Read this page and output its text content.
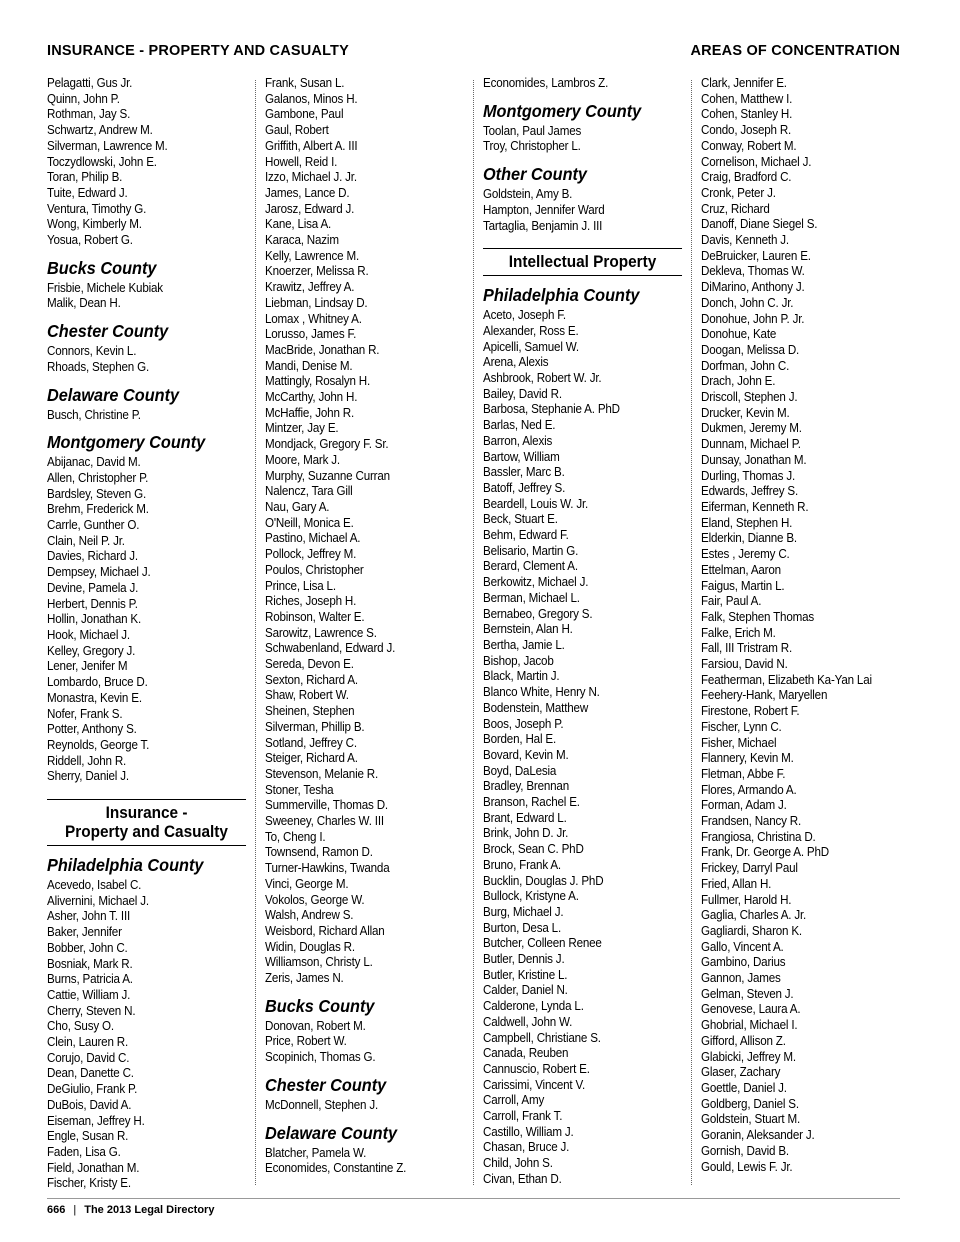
INSURANCE - PROPERTY AND CASUALTY	AREAS OF CONCENTRATION
Pelagatti, Gus Jr.
Quinn, John P.
Rothman, Jay S.
Schwartz, Andrew M.
Silverman, Lawrence M.
Toczydlowski, John E.
Toran, Philip B.
Tuite, Edward J.
Ventura, Timothy G.
Wong, Kimberly M.
Yosua, Robert G.
Bucks County
Frisbie, Michele Kubiak
Malik, Dean H.
Chester County
Connors, Kevin L.
Rhoads, Stephen G.
Delaware County
Busch, Christine P.
Montgomery County
Abijanac, David M.
Allen, Christopher P.
Bardsley, Steven G.
Brehm, Frederick M.
Carrle, Gunther O.
Clain, Neil P. Jr.
Davies, Richard J.
Dempsey, Michael J.
Devine, Pamela J.
Herbert, Dennis P.
Hollin, Jonathan K.
Hook, Michael J.
Kelley, Gregory J.
Lener, Jenifer M
Lombardo, Bruce D.
Monastra, Kevin E.
Nofer, Frank S.
Potter, Anthony S.
Reynolds, George T.
Riddell, John R.
Sherry, Daniel J.
Insurance -
Property and Casualty
Philadelphia County
Acevedo, Isabel C.
Alivernini, Michael J.
Asher, John T. III
Baker, Jennifer
Bobber, John C.
Bosniak, Mark R.
Burns, Patricia A.
Cattie, William J.
Cherry, Steven N.
Cho, Susy O.
Clein, Lauren R.
Corujo, David C.
Dean, Danette C.
DeGiulio, Frank P.
DuBois, David A.
Eiseman, Jeffrey H.
Engle, Susan R.
Faden, Lisa G.
Field, Jonathan M.
Fischer, Kristy E.
Frank, Susan L.
Galanos, Minos H.
Gambone, Paul
Gaul, Robert
Griffith, Albert A. III
Howell, Reid I.
Izzo, Michael J. Jr.
James, Lance D.
Jarosz, Edward J.
Kane, Lisa A.
Karaca, Nazim
Kelly, Lawrence M.
Knoerzer, Melissa R.
Krawitz, Jeffrey A.
Liebman, Lindsay D.
Lomax , Whitney A.
Lorusso, James F.
MacBride, Jonathan R.
Mandi, Denise M.
Mattingly, Rosalyn H.
McCarthy, John H.
McHaffie, John R.
Mintzer, Jay E.
Mondjack, Gregory F. Sr.
Moore, Mark J.
Murphy, Suzanne Curran
Nalencz, Tara Gill
Nau, Gary A.
O'Neill, Monica E.
Pastino, Michael A.
Pollock, Jeffrey M.
Poulos, Christopher
Prince, Lisa L.
Riches, Joseph H.
Robinson, Walter E.
Sarowitz, Lawrence S.
Schwabenland, Edward J.
Sereda, Devon E.
Sexton, Richard A.
Shaw, Robert W.
Sheinen, Stephen
Silverman, Phillip B.
Sotland, Jeffrey C.
Steiger, Richard A.
Stevenson, Melanie R.
Stoner, Tesha
Summerville, Thomas D.
Sweeney, Charles W. III
To, Cheng I.
Townsend, Ramon D.
Turner-Hawkins, Twanda
Vinci, George M.
Vokolos, George W.
Walsh, Andrew S.
Weisbord, Richard Allan
Widin, Douglas R.
Williamson, Christy L.
Zeris, James N.
Bucks County
Donovan, Robert M.
Price, Robert W.
Scopinich, Thomas G.
Chester County
McDonnell, Stephen J.
Delaware County
Blatcher, Pamela W.
Economides, Constantine Z.
Economides, Lambros Z.
Montgomery County
Toolan, Paul James
Troy, Christopher L.
Other County
Goldstein, Amy B.
Hampton, Jennifer Ward
Tartaglia, Benjamin J. III
Intellectual Property
Philadelphia County
Aceto, Joseph F.
Alexander, Ross E.
Apicelli, Samuel W.
Arena, Alexis
Ashbrook, Robert W. Jr.
Bailey, David R.
Barbosa, Stephanie A. PhD
Barlas, Ned E.
Barron, Alexis
Bartow, William
Bassler, Marc B.
Batoff, Jeffrey S.
Beardell, Louis W. Jr.
Beck, Stuart E.
Behm, Edward F.
Belisario, Martin G.
Berard, Clement A.
Berkowitz, Michael J.
Berman, Michael L.
Bernabeo, Gregory S.
Bernstein, Alan H.
Bertha, Jamie L.
Bishop, Jacob
Black, Martin J.
Blanco White, Henry N.
Bodenstein, Matthew
Boos, Joseph P.
Borden, Hal E.
Bovard, Kevin M.
Boyd, DaLesia
Bradley, Brennan
Branson, Rachel E.
Brant, Edward L.
Brink, John D. Jr.
Brock, Sean C. PhD
Bruno, Frank A.
Bucklin, Douglas J. PhD
Bullock, Kristyne A.
Burg, Michael J.
Burton, Desa L.
Butcher, Colleen Renee
Butler, Dennis J.
Butler, Kristine L.
Calder, Daniel N.
Calderone, Lynda L.
Caldwell, John W.
Campbell, Christiane S.
Canada, Reuben
Cannuscio, Robert E.
Carissimi, Vincent V.
Carroll, Amy
Carroll, Frank T.
Castillo, William J.
Chasan, Bruce J.
Child, John S.
Civan, Ethan D.
Clark, Jennifer E.
Cohen, Matthew I.
Cohen, Stanley H.
Condo, Joseph R.
Conway, Robert M.
Cornelison, Michael J.
Craig, Bradford C.
Cronk, Peter J.
Cruz, Richard
Danoff, Diane Siegel S.
Davis, Kenneth J.
DeBruicker, Lauren E.
Dekleva, Thomas W.
DiMarino, Anthony J.
Donch, John C. Jr.
Donohue, John P. Jr.
Donohue, Kate
Doogan, Melissa D.
Dorfman, John C.
Drach, John E.
Driscoll, Stephen J.
Drucker, Kevin M.
Dukmen, Jeremy M.
Dunnam, Michael P.
Dunsay, Jonathan M.
Durling, Thomas J.
Edwards, Jeffrey S.
Eiferman, Kenneth R.
Eland, Stephen H.
Elderkin, Dianne B.
Estes , Jeremy C.
Ettelman, Aaron
Faigus, Martin L.
Fair, Paul A.
Falk, Stephen Thomas
Falke, Erich M.
Fall, III Tristram R.
Farsiou, David N.
Featherman, Elizabeth Ka-Yan Lai
Feehery-Hank, Maryellen
Firestone, Robert F.
Fischer, Lynn C.
Fisher, Michael
Flannery, Kevin M.
Fletman, Abbe F.
Flores, Armando A.
Forman, Adam J.
Frandsen, Nancy R.
Frangiosa, Christina D.
Frank, Dr. George A. PhD
Frickey, Darryl Paul
Fried, Allan H.
Fullmer, Harold H.
Gaglia, Charles A. Jr.
Gagliardi, Sharon K.
Gallo, Vincent A.
Gambino, Darius
Gannon, James
Gelman, Steven J.
Genovese, Laura A.
Ghobrial, Michael I.
Gifford, Allison Z.
Glabicki, Jeffrey M.
Glaser, Zachary
Goettle, Daniel J.
Goldberg, Daniel S.
Goldstein, Stuart M.
Goranin, Aleksander J.
Gornish, David B.
Gould, Lewis F. Jr.
666 | The 2013 Legal Directory
